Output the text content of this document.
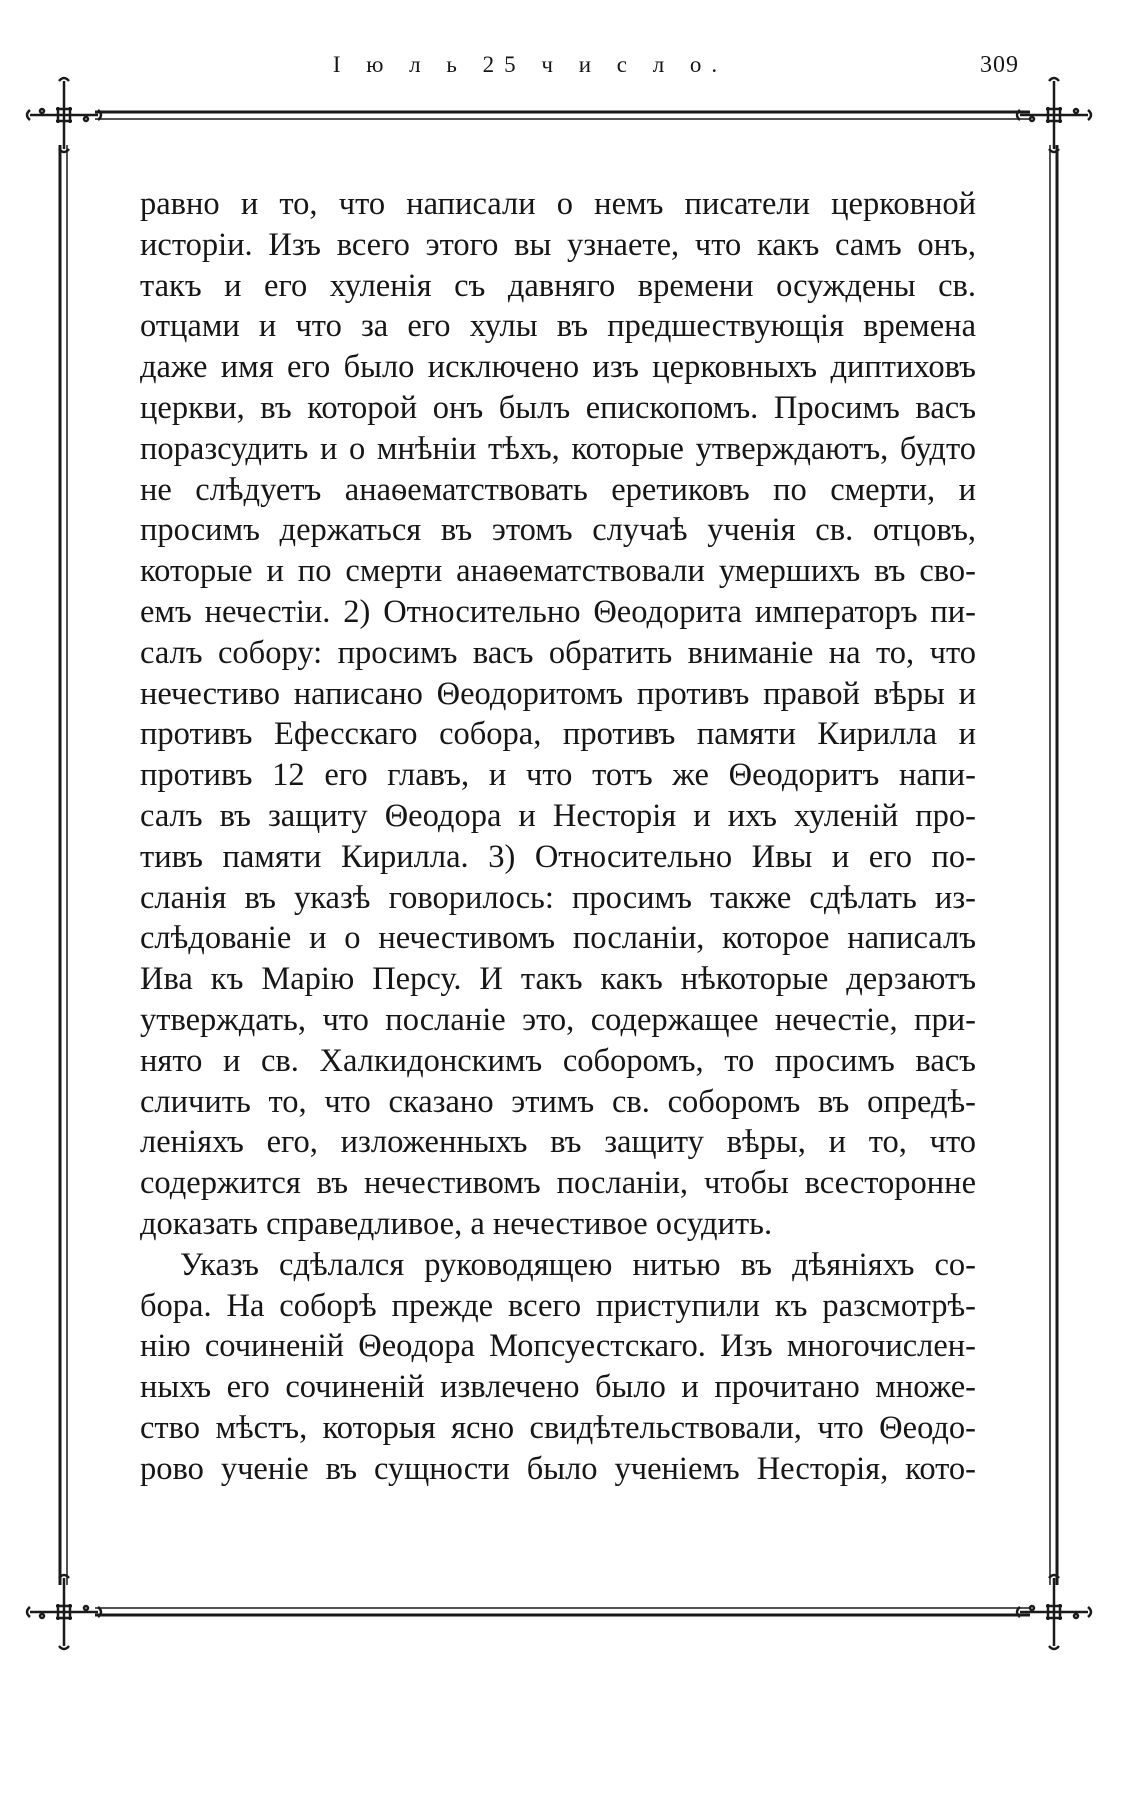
I ю л ь 25 ч и с л о.	309

равно и то, что написали о немъ писатели церковной
исторіи. Изъ всего этого вы узнаете, что какъ самъ онъ,
такъ и его хуленія съ давняго времени осуждены св.
отцами и что за его хулы въ предшествующія времена
даже имя его было исключено изъ церковныхъ диптиховъ
церкви, въ которой онъ былъ епископомъ. Просимъ васъ
поразсудить и о мнѣніи тѣхъ, которые утверждаютъ, будто
не слѣдуетъ анаѳематствовать еретиковъ по смерти, и
просимъ держаться въ этомъ случаѣ ученія св. отцовъ,
которые и по смерти анаѳематствовали умершихъ въ сво-
емъ нечестіи. 2) Относительно Θеодорита императоръ пи-
салъ собору: просимъ васъ обратить вниманіе на то, что
нечестиво написано Θеодоритомъ противъ правой вѣры и
противъ Ефесскаго собора, противъ памяти Кирилла и
противъ 12 его главъ, и что тотъ же Θеодоритъ напи-
салъ въ защиту Θеодора и Несторія и ихъ хуленій про-
тивъ памяти Кирилла. 3) Относительно Ивы и его по-
сланія въ указѣ говорилось: просимъ также сдѣлать из-
слѣдованіе и о нечестивомъ посланіи, которое написалъ
Ива къ Марію Персу. И такъ какъ нѣкоторые дерзаютъ
утверждать, что посланіе это, содержащее нечестіе, при-
нято и св. Халкидонскимъ соборомъ, то просимъ васъ
сличить то, что сказано этимъ св. соборомъ въ опредѣ-
леніяхъ его, изложенныхъ въ защиту вѣры, и то, что
содержится въ нечестивомъ посланіи, чтобы всесторонне
доказать справедливое, а нечестивое осудить.

Указъ сдѣлался руководящею нитью въ дѣяніяхъ со-
бора. На соборѣ прежде всего приступили къ разсмотрѣ-
нію сочиненій Θеодора Мопсуестскаго. Изъ многочислен-
ныхъ его сочиненій извлечено было и прочитано множе-
ство мѣстъ, которыя ясно свидѣтельствовали, что Θеодо-
рово ученіе въ сущности было ученіемъ Несторія, кото-
